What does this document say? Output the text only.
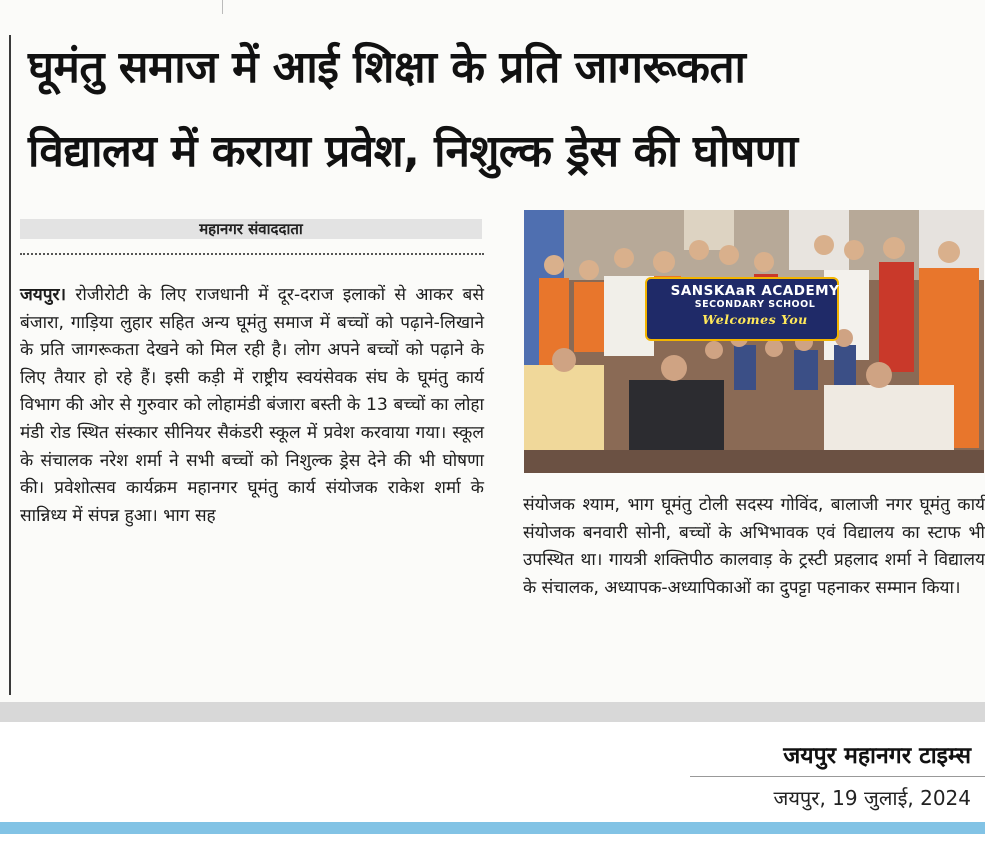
घूमंतु समाज में आई शिक्षा के प्रति जागरूकता
विद्यालय में कराया प्रवेश, निशुल्क ड्रेस की घोषणा
महानगर संवाददाता
जयपुर। रोजीरोटी के लिए राजधानी में दूर-दराज इलाकों से आकर बसे बंजारा, गाड़िया लुहार सहित अन्य घूमंतु समाज में बच्चों को पढ़ाने-लिखाने के प्रति जागरूकता देखने को मिल रही है। लोग अपने बच्चों को पढ़ाने के लिए तैयार हो रहे हैं। इसी कड़ी में राष्ट्रीय स्वयंसेवक संघ के घूमंतु कार्य विभाग की ओर से गुरुवार को लोहामंडी बंजारा बस्ती के 13 बच्चों का लोहा मंडी रोड स्थित संस्कार सीनियर सैकंडरी स्कूल में प्रवेश करवाया गया। स्कूल के संचालक नरेश शर्मा ने सभी बच्चों को निशुल्क ड्रेस देने की भी घोषणा की। प्रवेशोत्सव कार्यक्रम महानगर घूमंतु कार्य संयोजक राकेश शर्मा के सान्निध्य में संपन्न हुआ। भाग सह
SANSKAaR ACADEMY
SECONDARY SCHOOL
Welcomes You
संयोजक श्याम, भाग घूमंतु टोली सदस्य गोविंद, बालाजी नगर घूमंतु कार्य संयोजक बनवारी सोनी, बच्चों के अभिभावक एवं विद्यालय का स्टाफ भी उपस्थित था। गायत्री शक्तिपीठ कालवाड़ के ट्रस्टी प्रहलाद शर्मा ने विद्यालय के संचालक, अध्यापक-अध्यापिकाओं का दुपट्टा पहनाकर सम्मान किया।
जयपुर महानगर टाइम्स
जयपुर, 19 जुलाई, 2024
